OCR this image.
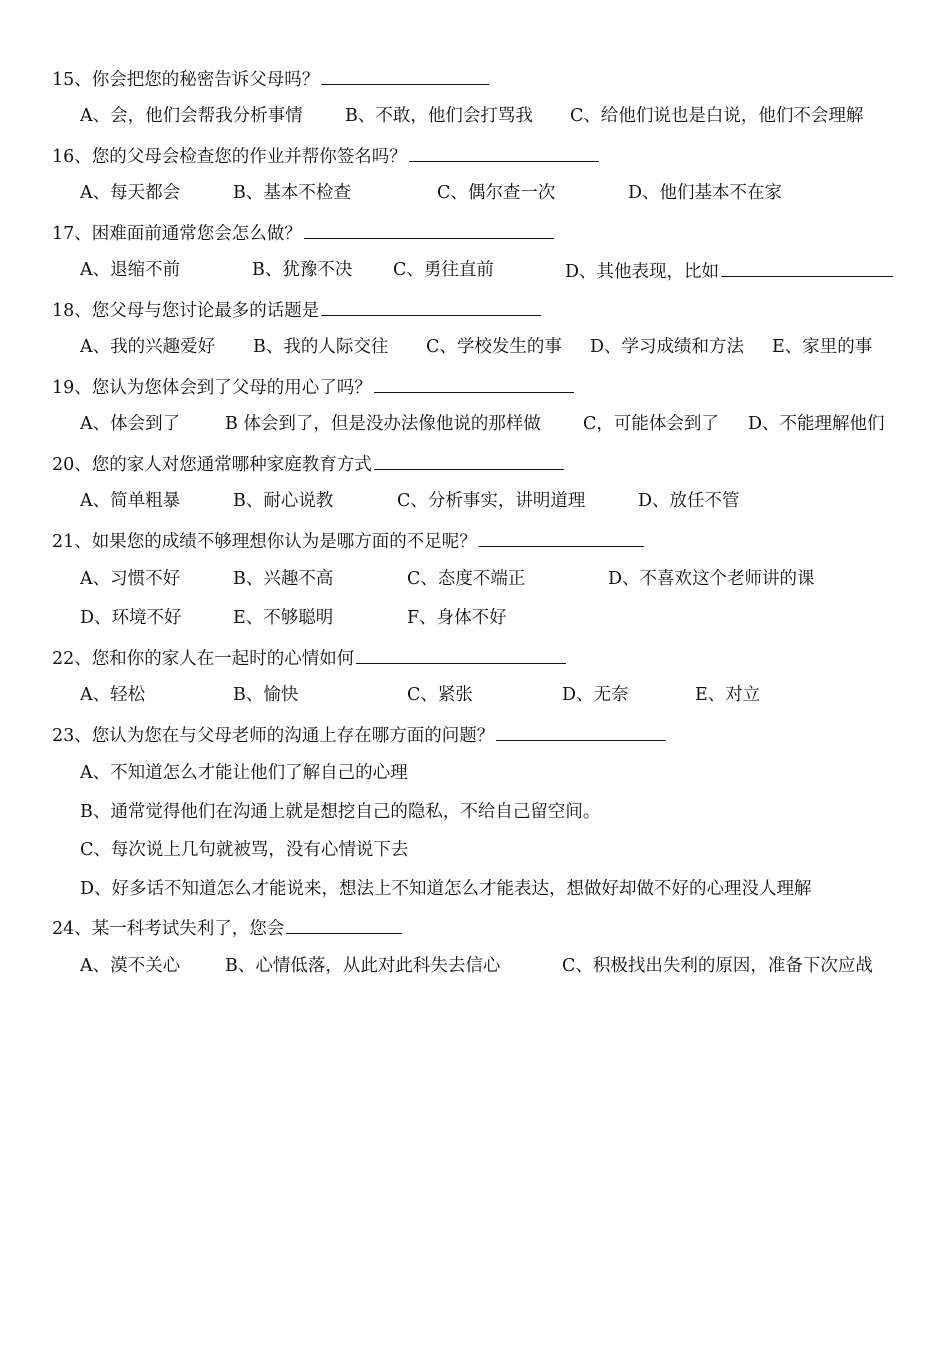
15、你会把您的秘密告诉父母吗？
A、会，他们会帮我分析事情 B、不敢，他们会打骂我 C、给他们说也是白说，他们不会理解
16、您的父母会检查您的作业并帮你签名吗？
A、每天都会	B、基本不检查	C、偶尔查一次	D、他们基本不在家
17、困难面前通常您会怎么做？
A、退缩不前	B、犹豫不决 C、勇往直前	D、其他表现，比如
18、您父母与您讨论最多的话题是
A、我的兴趣爱好 B、我的人际交往 C、学校发生的事 D、学习成绩和方法 E、家里的事
19、您认为您体会到了父母的用心了吗？
A、体会到了	B 体会到了，但是没办法像他说的那样做 C，可能体会到了 D、不能理解他们
20、您的家人对您通常哪种家庭教育方式
A、简单粗暴	B、耐心说教	C、分析事实，讲明道理	D、放任不管
21、如果您的成绩不够理想你认为是哪方面的不足呢？
A、习惯不好	B、兴趣不高	C、态度不端正	D、不喜欢这个老师讲的课
D、环境不好	E、不够聪明	F、身体不好
22、您和你的家人在一起时的心情如何
A、轻松	B、愉快	C、紧张	D、无奈	E、对立
23、您认为您在与父母老师的沟通上存在哪方面的问题？
A、不知道怎么才能让他们了解自己的心理
B、通常觉得他们在沟通上就是想挖自己的隐私，不给自己留空间。
C、每次说上几句就被骂，没有心情说下去
D、好多话不知道怎么才能说来，想法上不知道怎么才能表达，想做好却做不好的心理没人理解
24、某一科考试失利了，您会
A、漠不关心	B、心情低落，从此对此科失去信心	C、积极找出失利的原因，准备下次应战
